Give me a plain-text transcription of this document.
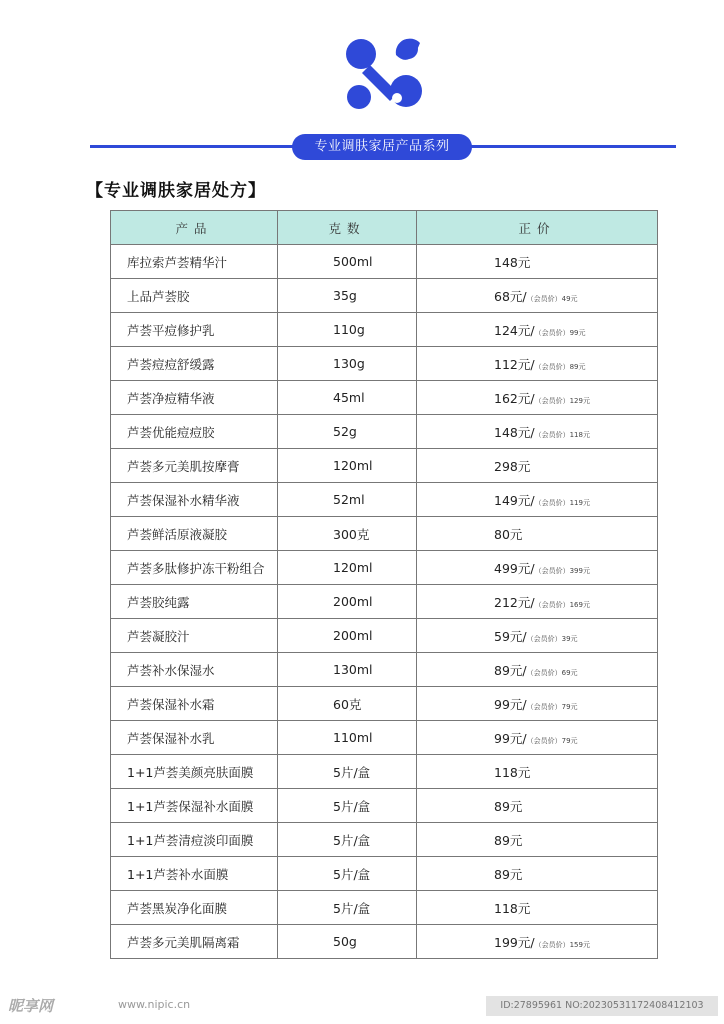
专业调肤家居产品系列
【专业调肤家居处方】
产品	克数	正价
库拉索芦荟精华汁	500ml	148元
上品芦荟胶	35g	68元/（会员价）49元
芦荟平痘修护乳	110g	124元/（会员价）99元
芦荟痘痘舒缓露	130g	112元/（会员价）89元
芦荟净痘精华液	45ml	162元/（会员价）129元
芦荟优能痘痘胶	52g	148元/（会员价）118元
芦荟多元美肌按摩膏	120ml	298元
芦荟保湿补水精华液	52ml	149元/（会员价）119元
芦荟鲜活原液凝胶	300克	80元
芦荟多肽修护冻干粉组合	120ml	499元/（会员价）399元
芦荟胶纯露	200ml	212元/（会员价）169元
芦荟凝胶汁	200ml	59元/（会员价）39元
芦荟补水保湿水	130ml	89元/（会员价）69元
芦荟保湿补水霜	60克	99元/（会员价）79元
芦荟保湿补水乳	110ml	99元/（会员价）79元
1+1芦荟美颜亮肤面膜	5片/盒	118元
1+1芦荟保湿补水面膜	5片/盒	89元
1+1芦荟清痘淡印面膜	5片/盒	89元
1+1芦荟补水面膜	5片/盒	89元
芦荟黑炭净化面膜	5片/盒	118元
芦荟多元美肌隔离霜	50g	199元/（会员价）159元
昵享网	www.nipic.cn	ID:27895961 NO:20230531172408412103
